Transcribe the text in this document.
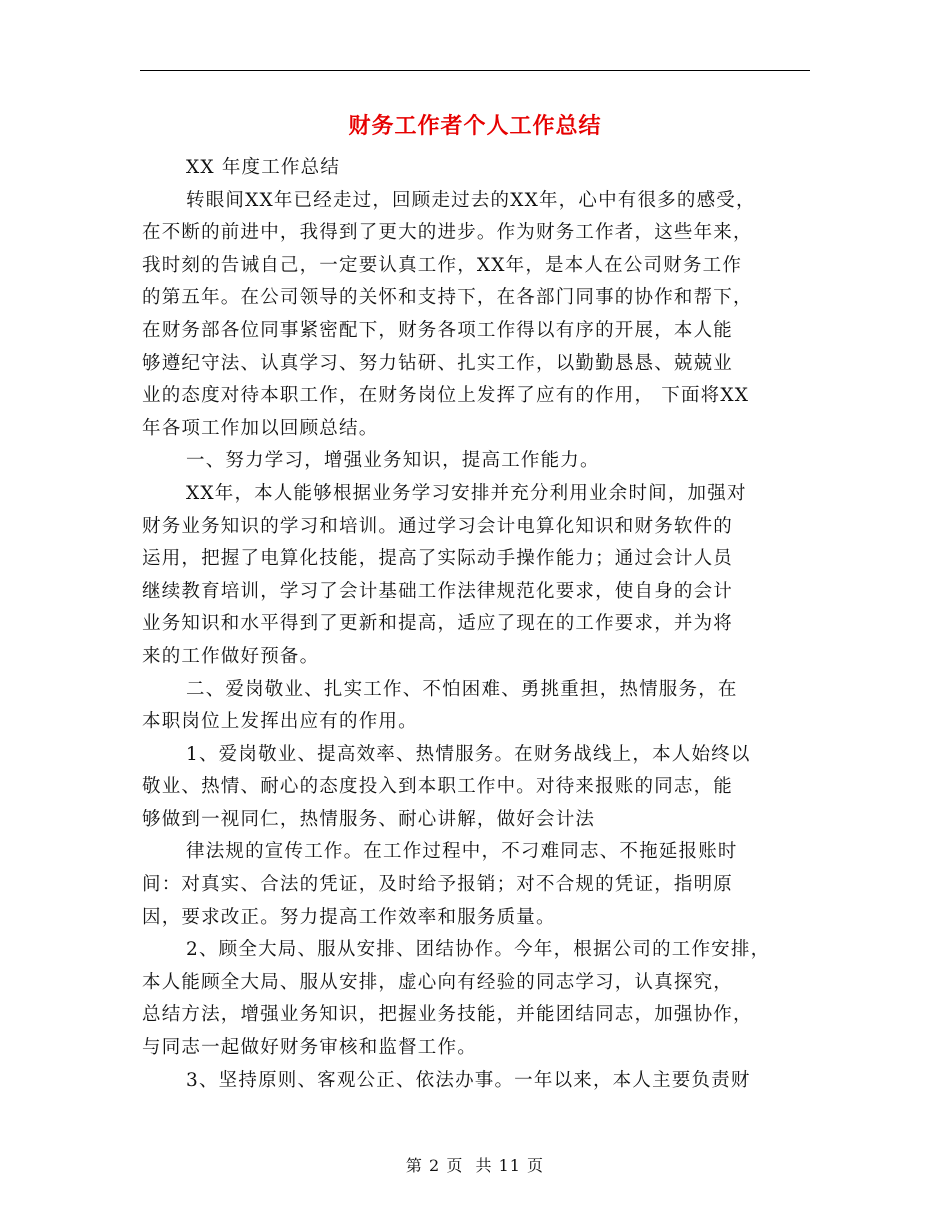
财务工作者个人工作总结
XX 年度工作总结
转眼间XX年已经走过，回顾走过去的XX年，心中有很多的感受，
在不断的前进中，我得到了更大的进步。作为财务工作者，这些年来，
我时刻的告诫自己，一定要认真工作，XX年，是本人在公司财务工作
的第五年。在公司领导的关怀和支持下，在各部门同事的协作和帮下，
在财务部各位同事紧密配下，财务各项工作得以有序的开展，本人能
够遵纪守法、认真学习、努力钻研、扎实工作，以勤勤恳恳、兢兢业
业的态度对待本职工作，在财务岗位上发挥了应有的作用， 下面将XX
年各项工作加以回顾总结。
一、努力学习，增强业务知识，提高工作能力。
XX年，本人能够根据业务学习安排并充分利用业余时间，加强对
财务业务知识的学习和培训。通过学习会计电算化知识和财务软件的
运用，把握了电算化技能，提高了实际动手操作能力；通过会计人员
继续教育培训，学习了会计基础工作法律规范化要求，使自身的会计
业务知识和水平得到了更新和提高，适应了现在的工作要求，并为将
来的工作做好预备。
二、爱岗敬业、扎实工作、不怕困难、勇挑重担，热情服务，在
本职岗位上发挥出应有的作用。
1、爱岗敬业、提高效率、热情服务。在财务战线上，本人始终以
敬业、热情、耐心的态度投入到本职工作中。对待来报账的同志，能
够做到一视同仁，热情服务、耐心讲解，做好会计法
律法规的宣传工作。在工作过程中，不刁难同志、不拖延报账时
间：对真实、合法的凭证，及时给予报销；对不合规的凭证，指明原
因，要求改正。努力提高工作效率和服务质量。
2、顾全大局、服从安排、团结协作。今年，根据公司的工作安排，
本人能顾全大局、服从安排，虚心向有经验的同志学习，认真探究，
总结方法，增强业务知识，把握业务技能，并能团结同志，加强协作，
与同志一起做好财务审核和监督工作。
3、坚持原则、客观公正、依法办事。一年以来，本人主要负责财
第 2 页  共 11 页
